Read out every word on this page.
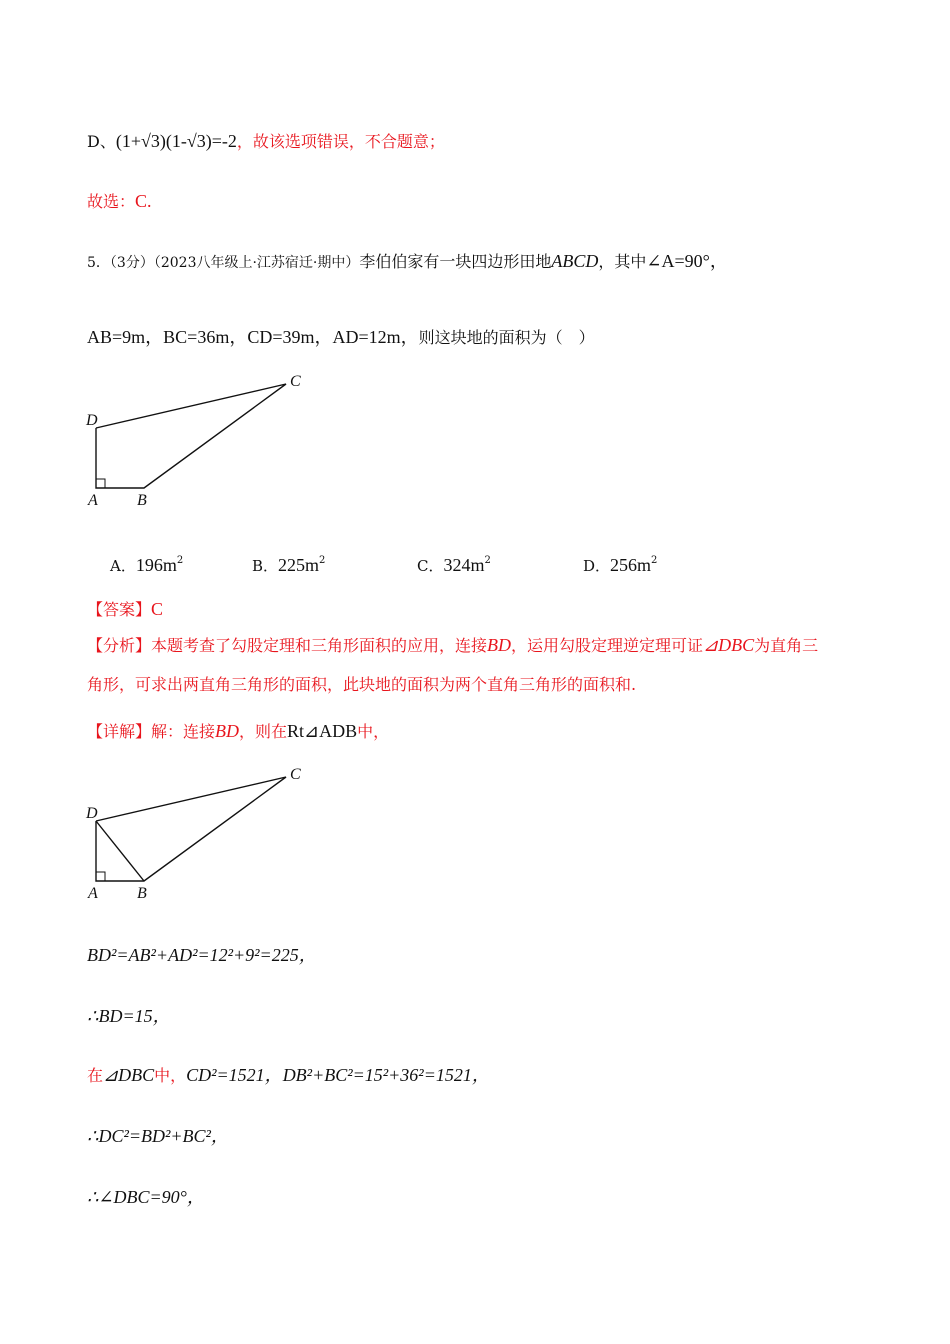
D、(1+√3)(1-√3)=-2，故该选项错误，不合题意；
故选：C.
5．（3分）（2023八年级上·江苏宿迁·期中）李伯伯家有一块四边形田地ABCD，其中∠A=90°，
AB=9m，BC=36m，CD=39m，AD=12m，则这块地的面积为（　）
D
C
A B
A．$196m^2$	B．$225m^2$	C．$324m^2$	D．$256m^2$
【答案】C
【分析】本题考查了勾股定理和三角形面积的应用，连接BD，运用勾股定理逆定理可证⊿DBC为直角三
角形，可求出两直角三角形的面积，此块地的面积为两个直角三角形的面积和.
【详解】解：连接BD，则在Rt⊿ADB中，
D
C
A B
BD²=AB²+AD²=12²+9²=225，
∴BD=15，
在⊿DBC中，CD²=1521，DB²+BC²=15²+36²=1521，
∴DC²=BD²+BC²，
∴∠DBC=90°，
